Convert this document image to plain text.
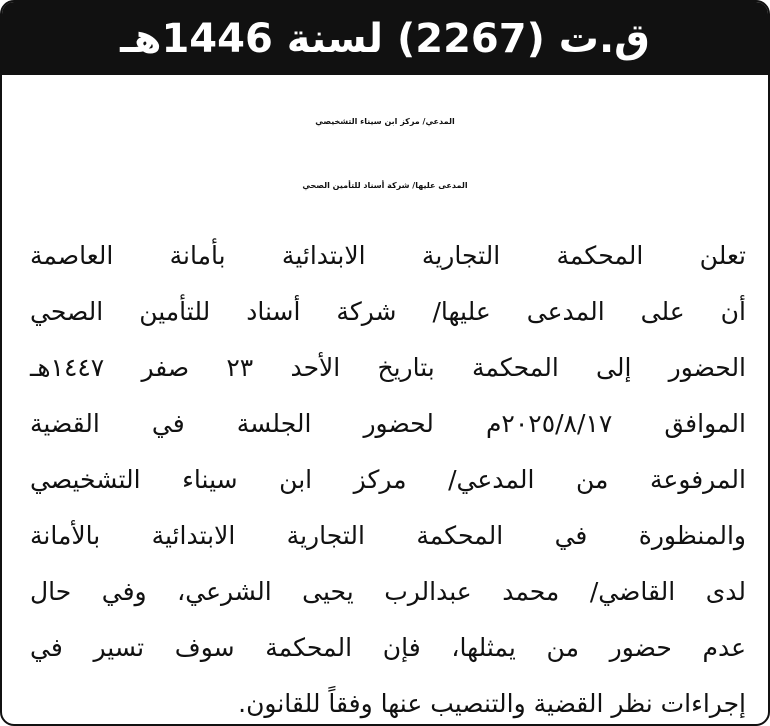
ق.ت (2267) لسنة 1446هـ
المدعي/ مركز ابن سيناء التشخيصي
المدعى عليها/ شركة أسناد للتأمين الصحي
تعلن المحكمة التجارية الابتدائية بأمانة العاصمة
أن على المدعى عليها/ شركة أسناد للتأمين الصحي
الحضور إلى المحكمة بتاريخ الأحد ٢٣ صفر ١٤٤٧هـ
الموافق ٢٠٢٥/٨/١٧م لحضور الجلسة في القضية
المرفوعة من المدعي/ مركز ابن سيناء التشخيصي
والمنظورة في المحكمة التجارية الابتدائية بالأمانة
لدى القاضي/ محمد عبدالرب يحيى الشرعي، وفي حال
عدم حضور من يمثلها، فإن المحكمة سوف تسير في
إجراءات نظر القضية والتنصيب عنها وفقاً للقانون.
